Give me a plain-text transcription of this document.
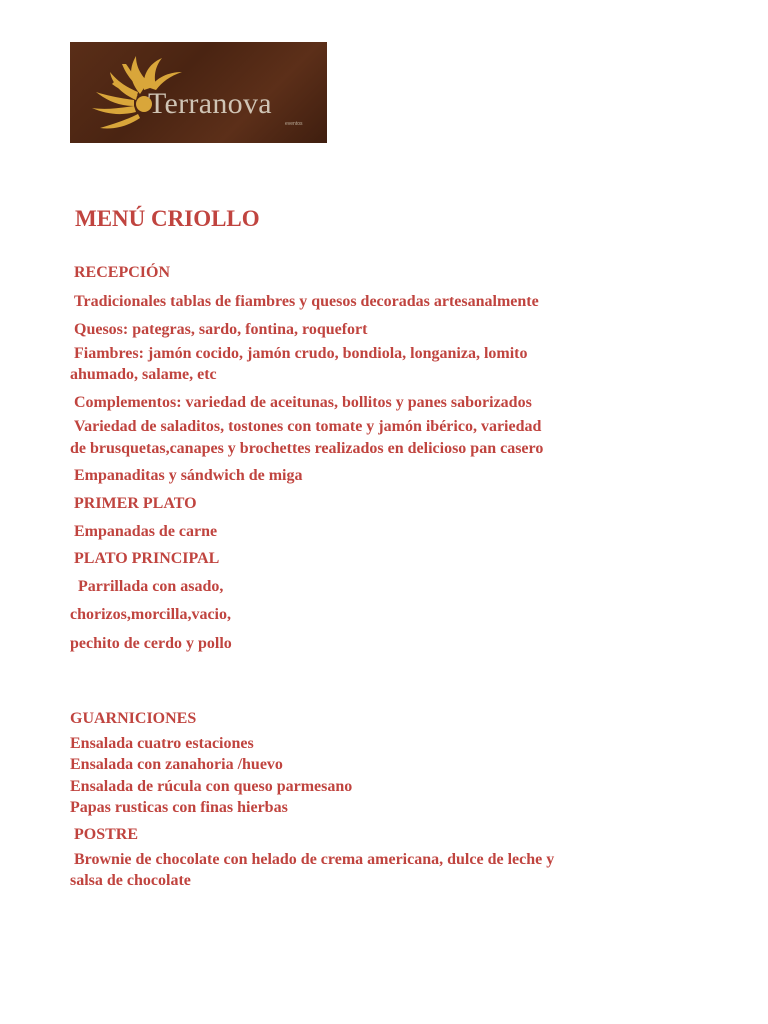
Terranova
eventos
MENÚ CRIOLLO
RECEPCIÓN
Tradicionales tablas de fiambres y quesos decoradas artesanalmente
Quesos: pategras, sardo, fontina, roquefort
Fiambres: jamón cocido, jamón crudo, bondiola, longaniza, lomito
ahumado, salame, etc
Complementos: variedad de aceitunas, bollitos y panes saborizados
Variedad de saladitos, tostones con tomate y jamón ibérico, variedad
de brusquetas,canapes y brochettes realizados en delicioso pan casero
Empanaditas y sándwich de miga
PRIMER PLATO
Empanadas de carne
PLATO PRINCIPAL
Parrillada con asado,
chorizos,morcilla,vacio,
pechito de cerdo y pollo
GUARNICIONES
Ensalada cuatro estaciones
Ensalada con zanahoria /huevo
Ensalada de rúcula con queso parmesano
Papas rusticas con finas hierbas
POSTRE
Brownie de chocolate con helado de crema americana, dulce de leche y
salsa de chocolate
